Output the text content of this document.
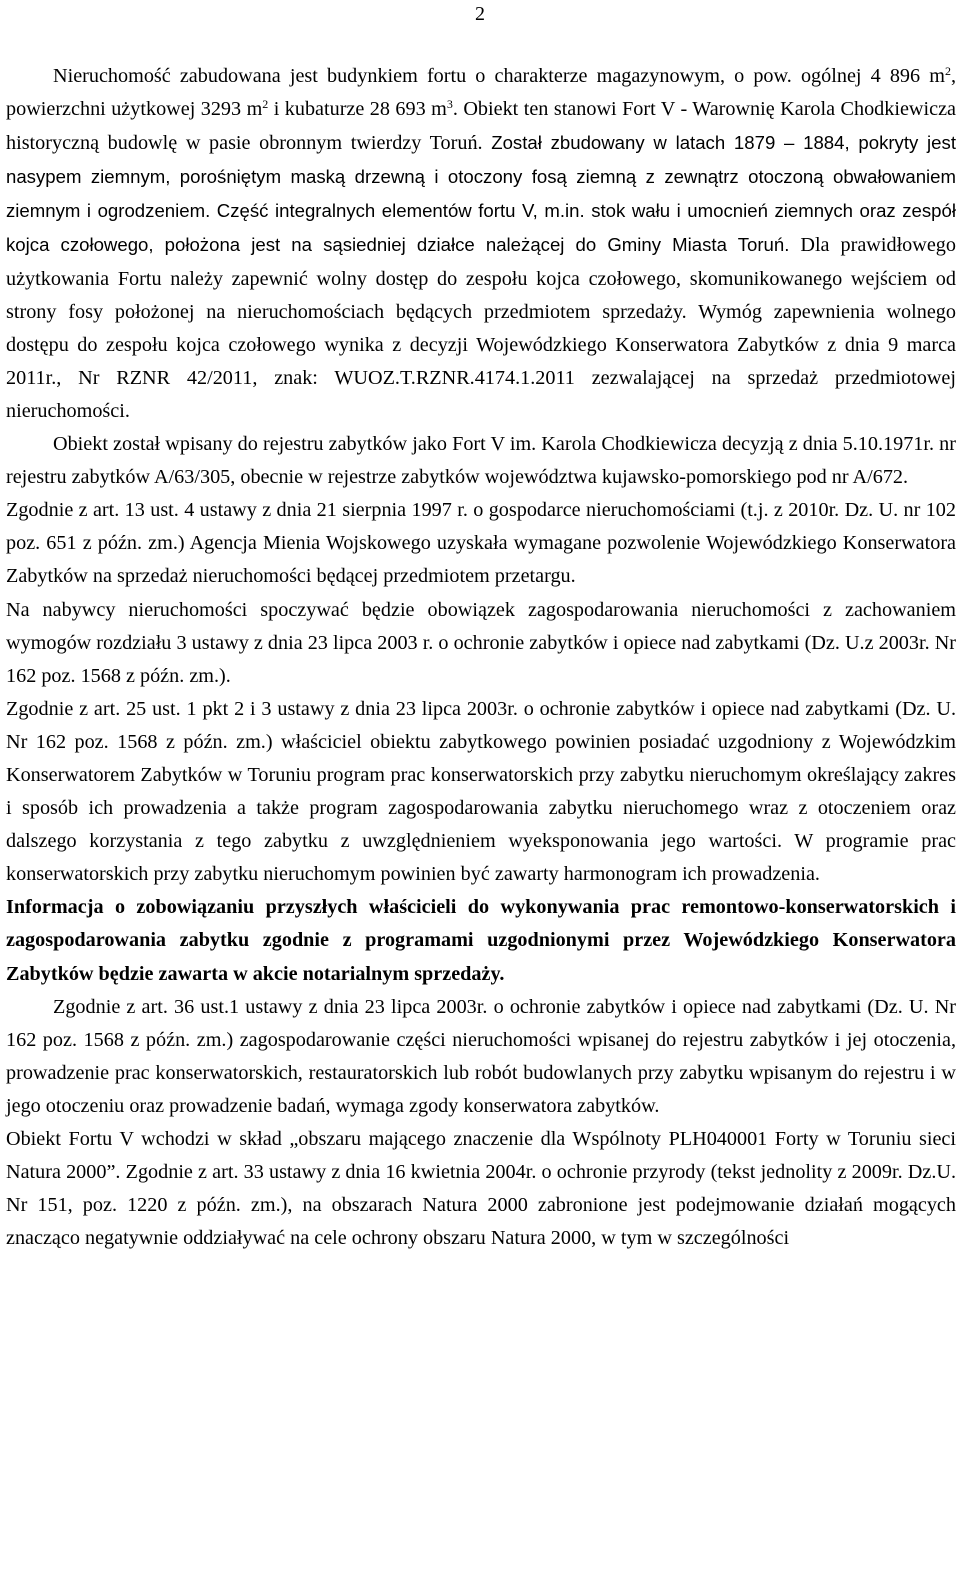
2

Nieruchomość zabudowana jest budynkiem fortu o charakterze magazynowym, o pow. ogólnej 4 896 $m^2$, powierzchni użytkowej 3293 $m^2$ i kubaturze 28 693 $m^3$. Obiekt ten stanowi Fort V - Warownię Karola Chodkiewicza historyczną budowlę w pasie obronnym twierdzy Toruń. Został zbudowany w latach 1879 – 1884, pokryty jest nasypem ziemnym, porośniętym maską drzewną i otoczony fosą ziemną z zewnątrz otoczoną obwałowaniem ziemnym i ogrodzeniem. Część integralnych elementów fortu V, m.in. stok wału i umocnień ziemnych oraz zespół kojca czołowego, położona jest na sąsiedniej działce należącej do Gminy Miasta Toruń. Dla prawidłowego użytkowania Fortu należy zapewnić wolny dostęp do zespołu kojca czołowego, skomunikowanego wejściem od strony fosy położonej na nieruchomościach będących przedmiotem sprzedaży. Wymóg zapewnienia wolnego dostępu do zespołu kojca czołowego wynika z decyzji Wojewódzkiego Konserwatora Zabytków z dnia 9 marca 2011r., Nr RZNR 42/2011, znak: WUOZ.T.RZNR.4174.1.2011 zezwalającej na sprzedaż przedmiotowej nieruchomości.

Obiekt został wpisany do rejestru zabytków jako Fort V im. Karola Chodkiewicza decyzją z dnia 5.10.1971r. nr rejestru zabytków A/63/305, obecnie w rejestrze zabytków województwa kujawsko-pomorskiego pod nr A/672.

Zgodnie z art. 13 ust. 4 ustawy z dnia 21 sierpnia 1997 r. o gospodarce nieruchomościami (t.j. z 2010r. Dz. U. nr 102 poz. 651 z późn. zm.) Agencja Mienia Wojskowego uzyskała wymagane pozwolenie Wojewódzkiego Konserwatora Zabytków na sprzedaż nieruchomości będącej przedmiotem przetargu.

Na nabywcy nieruchomości spoczywać będzie obowiązek zagospodarowania nieruchomości z zachowaniem wymogów rozdziału 3 ustawy z dnia 23 lipca 2003 r. o ochronie zabytków i opiece nad zabytkami (Dz. U.z 2003r. Nr 162 poz. 1568 z późn. zm.).

Zgodnie z art. 25 ust. 1 pkt 2 i 3 ustawy z dnia 23 lipca 2003r. o ochronie zabytków i opiece nad zabytkami (Dz. U. Nr 162 poz. 1568 z późn. zm.) właściciel obiektu zabytkowego powinien posiadać uzgodniony z Wojewódzkim Konserwatorem Zabytków w Toruniu program prac konserwatorskich przy zabytku nieruchomym określający zakres i sposób ich prowadzenia a także program zagospodarowania zabytku nieruchomego wraz z otoczeniem oraz dalszego korzystania z tego zabytku z uwzględnieniem wyeksponowania jego wartości. W programie prac konserwatorskich przy zabytku nieruchomym powinien być zawarty harmonogram ich prowadzenia.

Informacja o zobowiązaniu przyszłych właścicieli do wykonywania prac remontowo-konserwatorskich i zagospodarowania zabytku zgodnie z programami uzgodnionymi przez Wojewódzkiego Konserwatora Zabytków będzie zawarta w akcie notarialnym sprzedaży.

Zgodnie z art. 36 ust.1 ustawy z dnia 23 lipca 2003r. o ochronie zabytków i opiece nad zabytkami (Dz. U. Nr 162 poz. 1568 z późn. zm.) zagospodarowanie części nieruchomości wpisanej do rejestru zabytków i jej otoczenia, prowadzenie prac konserwatorskich, restauratorskich lub robót budowlanych przy zabytku wpisanym do rejestru i w jego otoczeniu oraz prowadzenie badań, wymaga zgody konserwatora zabytków.

Obiekt Fortu V wchodzi w skład „obszaru mającego znaczenie dla Wspólnoty PLH040001 Forty w Toruniu sieci Natura 2000”. Zgodnie z art. 33 ustawy z dnia 16 kwietnia 2004r. o ochronie przyrody (tekst jednolity z 2009r. Dz.U. Nr 151, poz. 1220 z późn. zm.), na obszarach Natura 2000 zabronione jest podejmowanie działań mogących znacząco negatywnie oddziaływać na cele ochrony obszaru Natura 2000, w tym w szczególności
